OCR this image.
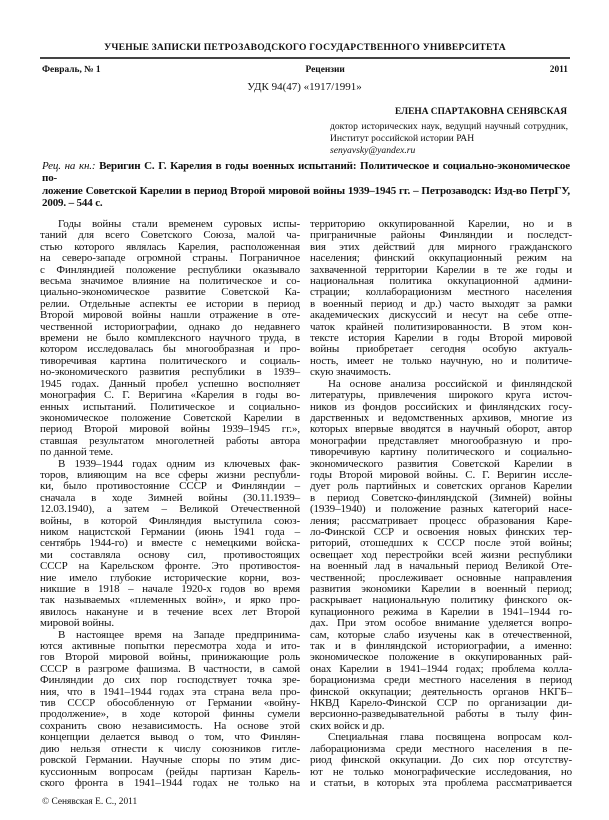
УЧЕНЫЕ ЗАПИСКИ ПЕТРОЗАВОДСКОГО ГОСУДАРСТВЕННОГО УНИВЕРСИТЕТА
Февраль, № 1	Рецензии	2011
УДК 94(47) «1917/1991»
ЕЛЕНА СПАРТАКОВНА СЕНЯВСКАЯ
доктор исторических наук, ведущий научный сотрудник,
Институт российской истории РАН
senyavsky@yandex.ru
Рец. на кн.: Веригин С. Г. Карелия в годы военных испытаний: Политическое и социально-экономическое по-
ложение Советской Карелии в период Второй мировой войны 1939–1945 гг. – Петрозаводск: Изд-во ПетрГУ,
2009. – 544 с.
Годы войны стали временем суровых испы-
таний для всего Советского Союза, малой ча-
стью которого являлась Карелия, расположенная
на северо-западе огромной страны. Пограничное
с Финляндией положение республики оказывало
весьма значимое влияние на политическое и со-
циально-экономическое развитие Советской Ка-
релии. Отдельные аспекты ее истории в период
Второй мировой войны нашли отражение в оте-
чественной историографии, однако до недавнего
времени не было комплексного научного труда, в
котором исследовалась бы многообразная и про-
тиворечивая картина политического и социаль-
но-экономического развития республики в 1939–
1945 годах. Данный пробел успешно восполняет
монография С. Г. Веригина «Карелия в годы во-
енных испытаний. Политическое и социально-
экономическое положение Советской Карелии в
период Второй мировой войны 1939–1945 гг.»,
ставшая результатом многолетней работы автора
по данной теме.
В 1939–1944 годах одним из ключевых фак-
торов, влияющим на все сферы жизни республи-
ки, было противостояние СССР и Финляндии –
сначала в ходе Зимней войны (30.11.1939–
12.03.1940), а затем – Великой Отечественной
войны, в которой Финляндия выступила союз-
ником нацистской Германии (июнь 1941 года –
сентябрь 1944-го) и вместе с немецкими войска-
ми составляла основу сил, противостоящих
СССР на Карельском фронте. Это противостоя-
ние имело глубокие исторические корни, воз-
никшие в 1918 – начале 1920-х годов во время
так называемых «племенных войн», и ярко про-
явилось накануне и в течение всех лет Второй
мировой войны.
В настоящее время на Западе предпринима-
ются активные попытки пересмотра хода и ито-
гов Второй мировой войны, принижающие роль
СССР в разгроме фашизма. В частности, в самой
Финляндии до сих пор господствует точка зре-
ния, что в 1941–1944 годах эта страна вела про-
тив СССР обособленную от Германии «войну-
продолжение», в ходе которой финны сумели
сохранить свою независимость. На основе этой
концепции делается вывод о том, что Финлян-
дию нельзя отнести к числу союзников гитле-
ровской Германии. Научные споры по этим дис-
куссионным вопросам (рейды партизан Карель-
ского фронта в 1941–1944 годах не только на
территорию оккупированной Карелии, но и в
приграничные районы Финляндии и последст-
вия этих действий для мирного гражданского
населения; финский оккупационный режим на
захваченной территории Карелии в те же годы и
национальная политика оккупационной админи-
страции; коллаборационизм местного населения
в военный период и др.) часто выходят за рамки
академических дискуссий и несут на себе отпе-
чаток крайней политизированности. В этом кон-
тексте история Карелии в годы Второй мировой
войны приобретает сегодня особую актуаль-
ность, имеет не только научную, но и политиче-
скую значимость.
На основе анализа российской и финляндской
литературы, привлечения широкого круга источ-
ников из фондов российских и финляндских госу-
дарственных и ведомственных архивов, многие из
которых впервые вводятся в научный оборот, автор
монографии представляет многообразную и про-
тиворечивую картину политического и социально-
экономического развития Советской Карелии в
годы Второй мировой войны. С. Г. Веригин иссле-
дует роль партийных и советских органов Карелии
в период Советско-финляндской (Зимней) войны
(1939–1940) и положение разных категорий насе-
ления; рассматривает процесс образования Каре-
ло-Финской ССР и освоения новых финских тер-
риторий, отошедших к СССР после этой войны;
освещает ход перестройки всей жизни республики
на военный лад в начальный период Великой Оте-
чественной; прослеживает основные направления
развития экономики Карелии в военный период;
раскрывает национальную политику финского ок-
купационного режима в Карелии в 1941–1944 го-
дах. При этом особое внимание уделяется вопро-
сам, которые слабо изучены как в отечественной,
так и в финляндской историографии, а именно:
экономическое положение в оккупированных рай-
онах Карелии в 1941–1944 годах; проблема колла-
борационизма среди местного населения в период
финской оккупации; деятельность органов НКГБ–
НКВД Карело-Финской ССР по организации ди-
версионно-разведывательной работы в тылу фин-
ских войск и др.
Специальная глава посвящена вопросам кол-
лаборационизма среди местного населения в пе-
риод финской оккупации. До сих пор отсутству-
ют не только монографические исследования, но
и статьи, в которых эта проблема рассматривается
© Сенявская Е. С., 2011
